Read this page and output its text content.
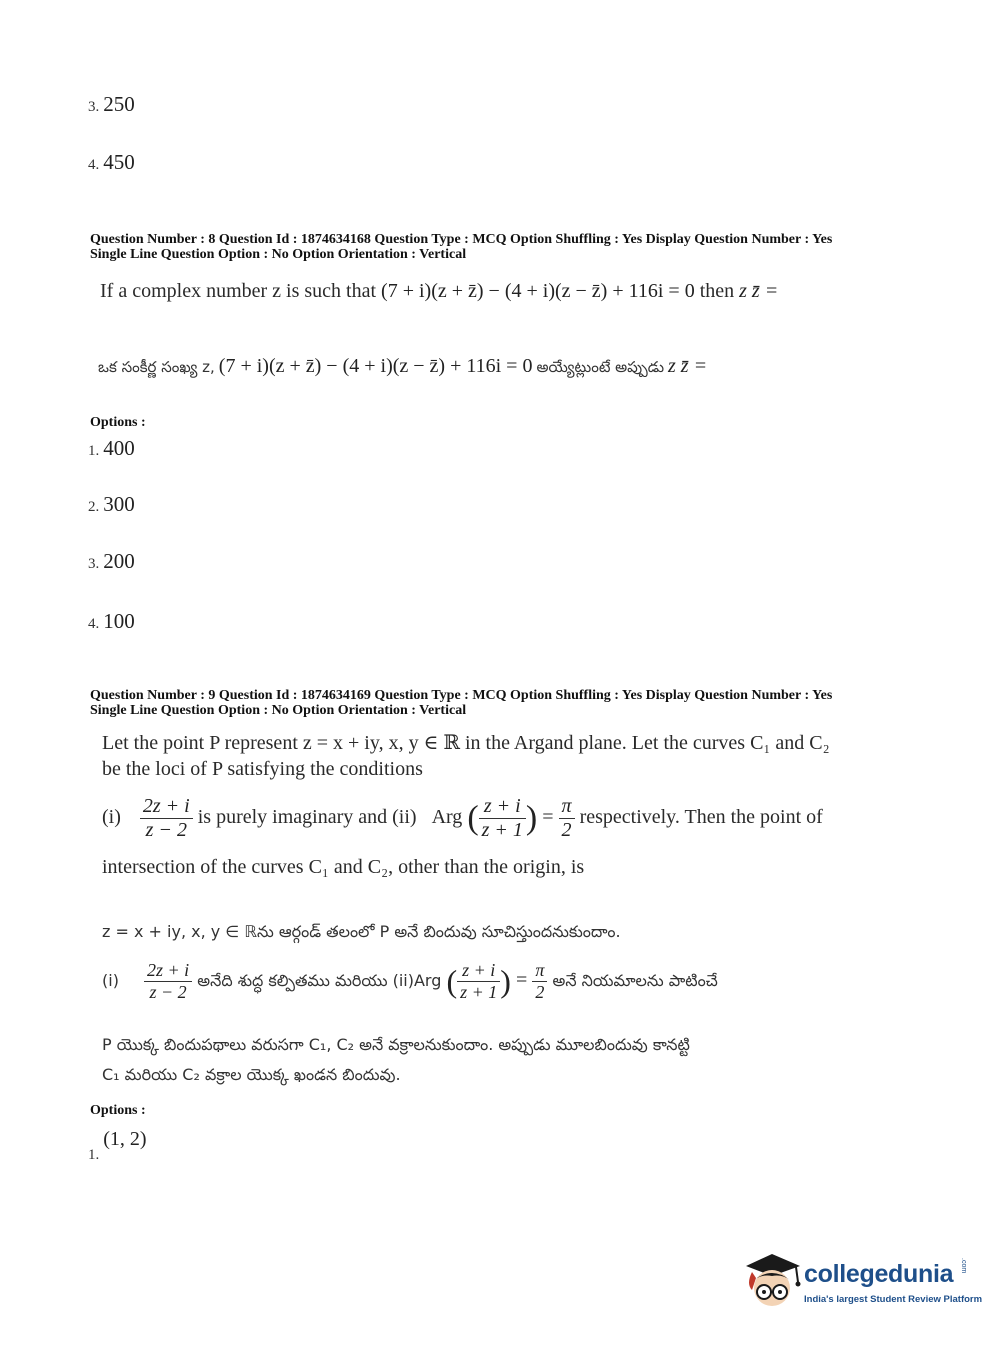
3. 250
4. 450
Question Number : 8 Question Id : 1874634168 Question Type : MCQ Option Shuffling : Yes Display Question Number : Yes
Single Line Question Option : No Option Orientation : Vertical
If a complex number z is such that (7 + i)(z + z̄) − (4 + i)(z − z̄) + 116i = 0 then z z̄ =
ఒక సంకీర్ణ సంఖ్య z, (7 + i)(z + z̄) − (4 + i)(z − z̄) + 116i = 0 అయ్యేట్లుంటే అప్పుడు z z̄ =
Options :
1. 400
2. 300
3. 200
4. 100
Question Number : 9 Question Id : 1874634169 Question Type : MCQ Option Shuffling : Yes Display Question Number : Yes
Single Line Question Option : No Option Orientation : Vertical
Let the point P represent z = x + iy, x, y ∈ ℝ in the Argand plane. Let the curves C₁ and C₂
be the loci of P satisfying the conditions
$(i) \frac{2z + i}{z - 2}$ is purely imaginary and (ii) Arg ( $\frac{z + i}{z + 1}$ ) = $\frac{\pi}{2}$ respectively. Then the point of
intersection of the curves C₁ and C₂, other than the origin, is
z = x + iy, x, y ∈ ℝను ఆర్గండ్ తలంలో P అనే బిందువు సూచిస్తుందనుకుందాం.
$(i) \frac{2z + i}{z - 2}$ అనేది శుద్ధ కల్పితము మరియు (ii)Arg ( $\frac{z + i}{z + 1}$ ) = $\frac{\pi}{2}$ అనే నియమాలను పాటించే
P యొక్క బిందుపథాలు వరుసగా C₁, C₂ అనే వక్రాలనుకుందాం. అప్పుడు మూలబిందువు కానట్టి
C₁ మరియు C₂ వక్రాల యొక్క ఖండన బిందువు.
Options :
1. (1, 2)
collegedunia .com
India's largest Student Review Platform
